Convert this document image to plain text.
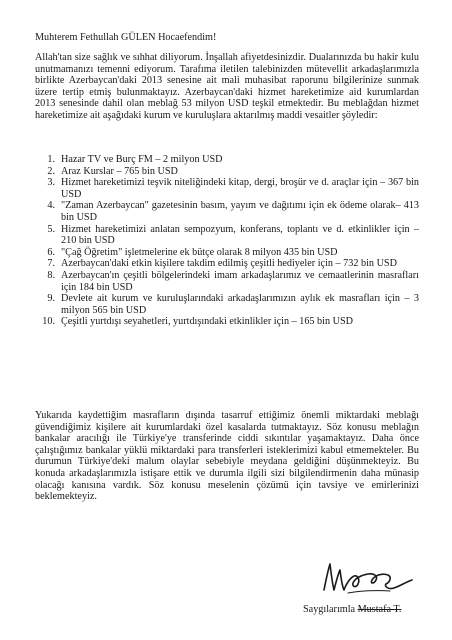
Muhterem Fethullah GÜLEN Hocaefendim!
Allah'tan size sağlık ve sıhhat diliyorum. İnşallah afiyetdesinizdir. Dualarınızda bu hakir kulu unutmamanızı temenni ediyorum. Tarafıma iletilen talebinizden mütevellit arkadaşlarımızla birlikte Azerbaycan'daki 2013 senesine ait mali muhasibat raporunu bilgilerinize sunmak üzere tertip etmiş bulunmaktayız. Azerbaycan'daki hizmet hareketimize aid kurumlardan 2013 senesinde dahil olan meblağ 53 milyon USD teşkil etmektedir. Bu meblağdan hizmet hareketimize ait aşağıdaki kurum ve kuruluşlara aktarılmış maddi vesaitler şöyledir:
1. Hazar TV ve Burç FM – 2 milyon USD
2. Araz Kurslar – 765 bin USD
3. Hizmet hareketimizi teşvik niteliğindeki kitap, dergi, broşür ve d. araçlar için – 367 bin USD
4. "Zaman Azerbaycan" gazetesinin basım, yayım ve dağıtımı için ek ödeme olarak– 413 bin USD
5. Hizmet hareketimizi anlatan sempozyum, konferans, toplantı ve d. etkinlikler için – 210 bin USD
6. "Çağ Öğretim" işletmelerine ek bütçe olarak 8 milyon 435 bin USD
7. Azerbaycan'daki etkin kişilere takdim edilmiş çeşitli hediyeler için – 732 bin USD
8. Azerbaycan'ın çeşitli bölgelerindeki imam arkadaşlarımız ve cemaatlerinin masrafları için 184 bin USD
9. Devlete ait kurum ve kuruluşlarındaki arkadaşlarımızın aylık ek masrafları için – 3 milyon 565 bin USD
10. Çeşitli yurtdışı seyahetleri, yurtdışındaki etkinlikler için – 165 bin USD
Yukarıda kaydettiğim masrafların dışında tasarruf ettiğimiz önemli miktardaki meblağı güvendiğimiz kişilere ait kurumlardaki özel kasalarda tutmaktayız. Söz konusu meblağın bankalar aracılığı ile Türkiye'ye transferinde ciddi sıkıntılar yaşamaktayız. Daha önce çalıştığımız bankalar yüklü miktardaki para transferleri isteklerimizi kabul etmemekteler. Bu durumun Türkiye'deki malum olaylar sebebiyle meydana geldiğini düşünmekteyiz. Bu konuda arkadaşlarımızla istişare ettik ve durumla ilgili sizi bilgilendirmenin daha münasip olacağı kanısına vardık. Söz konusu meselenin çözümü için tavsiye ve emirlerinizi beklemekteyiz.
Saygılarımla Mustafa T.
